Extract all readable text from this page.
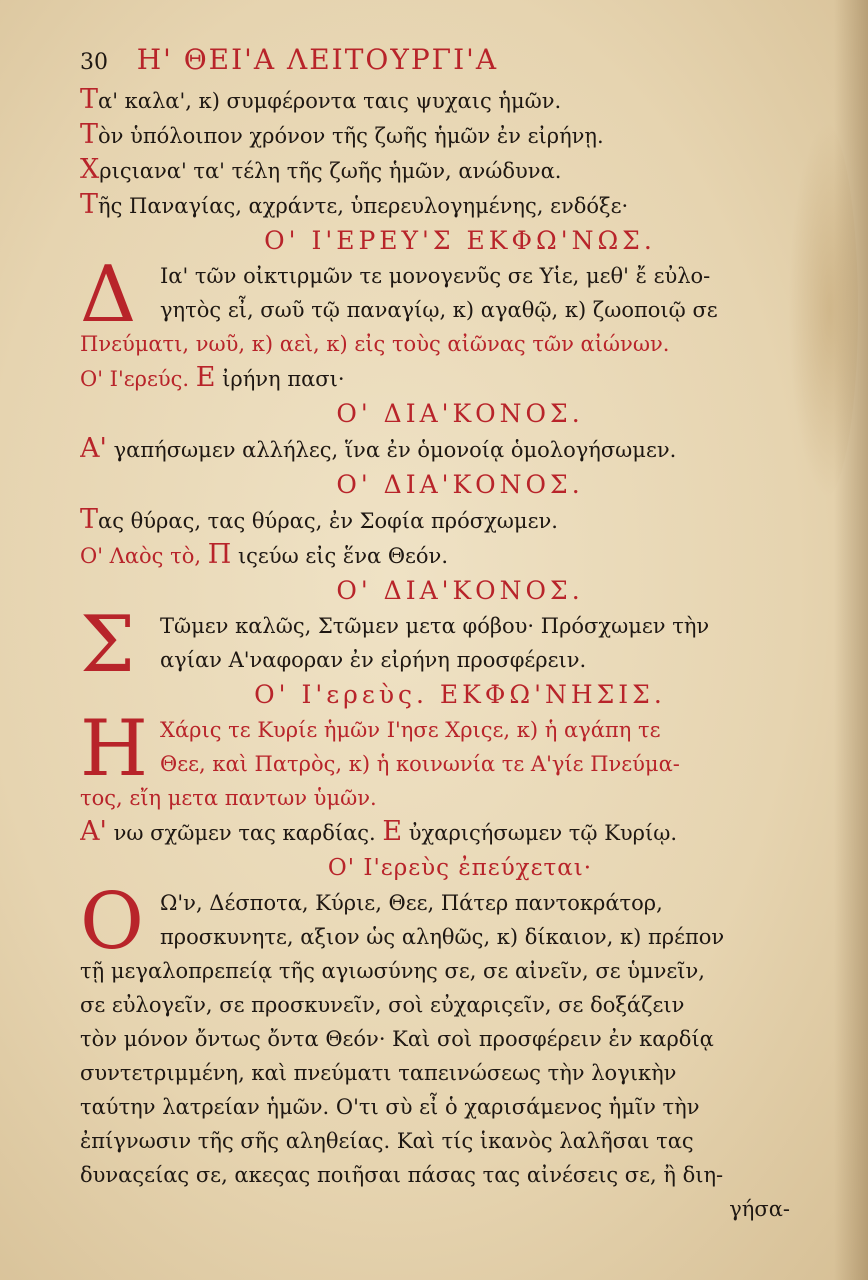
30 Η' ΘΕΙ'Α ΛΕΙΤΟΥΡΓΙ'Α
Τα' καλα', κ) συμφέροντα ταις ψυχαις ἡμῶν.
Τὸν ὑπόλοιπον χρόνον τῆς ζωῆς ἡμῶν ἐν εἰρήνῃ.
Χριςιανα' τα' τέλη τῆς ζωῆς ἡμῶν, ανώδυνα.
Τῆς Παναγίας, αχράντε, ὑπερευλογημένης, ενδόξε·
Ο' Ι'ΕΡΕΥ'Σ ΕΚΦΩ'ΝΩΣ.
Δ	Ια' τῶν οἰκτιρμῶν τε μονογενῦς σε Υἱε, μεθ' ἔ εὐλο-
γητὸς εἶ, σωῦ τῷ παναγίῳ, κ) αγαθῷ, κ) ζωοποιῷ σε
Πνεύματι, νωῦ, κ) αεὶ, κ) εἰς τοὺς αἰῶνας τῶν αἰώνων.
Ο' Ι'ερεύς. Ε ἰρήνη πασι·
Ο' ΔΙΑ'ΚΟΝΟΣ.
Α' γαπήσωμεν αλλήλες, ἵνα ἐν ὁμονοίᾳ ὁμολογήσωμεν.
Ο' ΔΙΑ'ΚΟΝΟΣ.
Τας θύρας, τας θύρας, ἐν Σοφία πρόσχωμεν.
Ο' Λαὸς τὸ, Π ιςεύω εἰς ἕνα Θεόν.
Ο' ΔΙΑ'ΚΟΝΟΣ.
Σ	Τῶμεν καλῶς, Στῶμεν μετα φόβου· Πρόσχωμεν τὴν
αγίαν Α'ναφοραν ἐν εἰρήνη προσφέρειν.
Ο' Ι'ερεὺς. ΕΚΦΩ'ΝΗΣΙΣ.
Η Χάρις τε Κυρίε ἡμῶν Ι'ησε Χριςε, κ) ἡ αγάπη τε
Θεε, καὶ Πατρὸς, κ) ἡ κοινωνία τε Α'γίε Πνεύμα-
τος, εἴη μετα παντων ὑμῶν.
Α' νω σχῶμεν τας καρδίας. Ε ὐχαριςήσωμεν τῷ Κυρίῳ.
Ο' Ι'ερεὺς ἐπεύχεται·
Ο Ω'ν, Δέσποτα, Κύριε, Θεε, Πάτερ παντοκράτορ,
προσκυνητε, αξιον ὡς αληθῶς, κ) δίκαιον, κ) πρέπον
τῇ μεγαλοπρεπείᾳ τῆς αγιωσύνης σε, σε αἰνεῖν, σε ὑμνεῖν,
σε εὐλογεῖν, σε προσκυνεῖν, σοὶ εὐχαριςεῖν, σε δοξάζειν
τὸν μόνον ὄντως ὄντα Θεόν· Καὶ σοὶ προσφέρειν ἐν καρδίᾳ
συντετριμμένη, καὶ πνεύματι ταπεινώσεως τὴν λογικὴν
ταύτην λατρείαν ἡμῶν. Ο'τι σὺ εἶ ὁ χαρισάμενος ἡμῖν τὴν
ἐπίγνωσιν τῆς σῆς αληθείας. Καὶ τίς ἱκανὸς λαλῆσαι τας
δυναςείας σε, ακεςας ποιῆσαι πάσας τας αἰνέσεις σε, ἢ διη-
γήσα-
